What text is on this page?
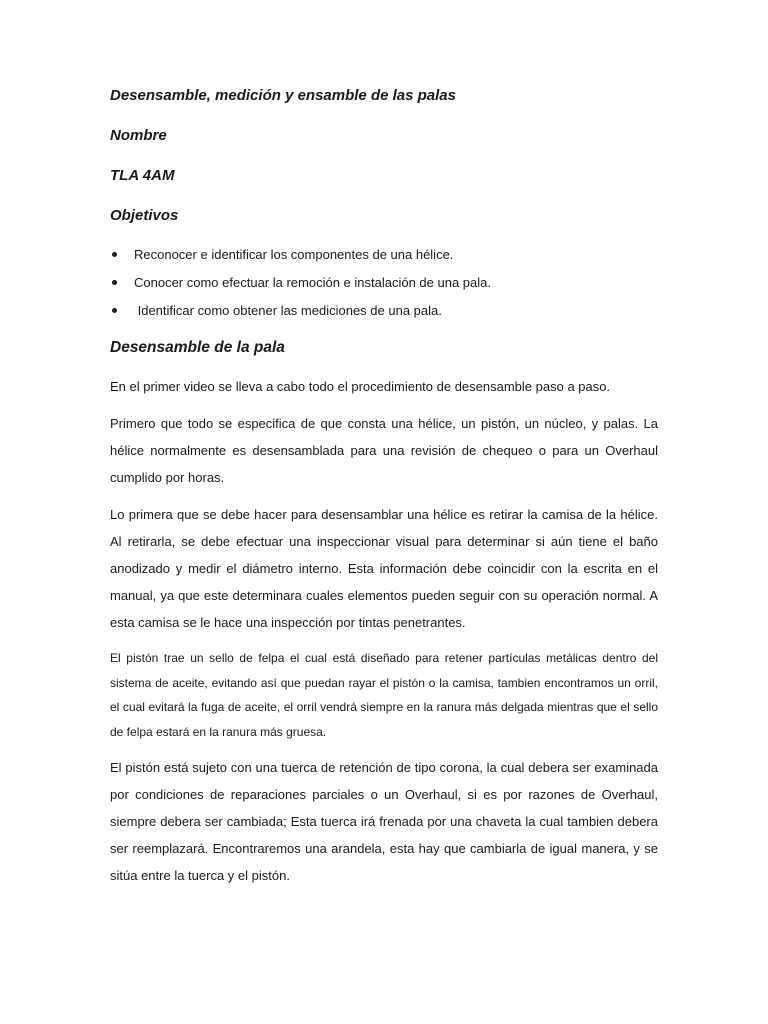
Desensamble, medición y ensamble de las palas
Nombre
TLA 4AM
Objetivos
Reconocer e identificar los componentes de una hélice.
Conocer como efectuar la remoción e instalación de una pala.
Identificar como obtener las mediciones de una pala.
Desensamble de la pala

En el primer video se lleva a cabo todo el procedimiento de desensamble paso a paso.

Primero que todo se especifica de que consta una hélice, un pistón, un núcleo, y palas. La hélice normalmente es desensamblada para una revisión de chequeo o para un Overhaul cumplido por horas.

Lo primera que se debe hacer para desensamblar una hélice es retirar la camisa de la hélice. Al retirarla, se debe efectuar una inspeccionar visual para determinar si aún tiene el baño anodizado y medir el diámetro interno. Esta información debe coincidir con la escrita en el manual, ya que este determinara cuales elementos pueden seguir con su operación normal. A esta camisa se le hace una inspección por tintas penetrantes.

El pistón trae un sello de felpa el cual está diseñado para retener partículas metálicas dentro del sistema de aceite, evitando así que puedan rayar el pistón o la camisa, tambien encontramos un orril, el cual evitará la fuga de aceite, el orril vendrá siempre en la ranura más delgada mientras que el sello de felpa estará en la ranura más gruesa.

El pistón está sujeto con una tuerca de retención de tipo corona, la cual debera ser examinada por condiciones de reparaciones parciales o un Overhaul, si es por razones de Overhaul, siempre debera ser cambiada; Esta tuerca irá frenada por una chaveta la cual tambien debera ser reemplazará. Encontraremos una arandela, esta hay que cambiarla de igual manera, y se sitúa entre la tuerca y el pistón.
